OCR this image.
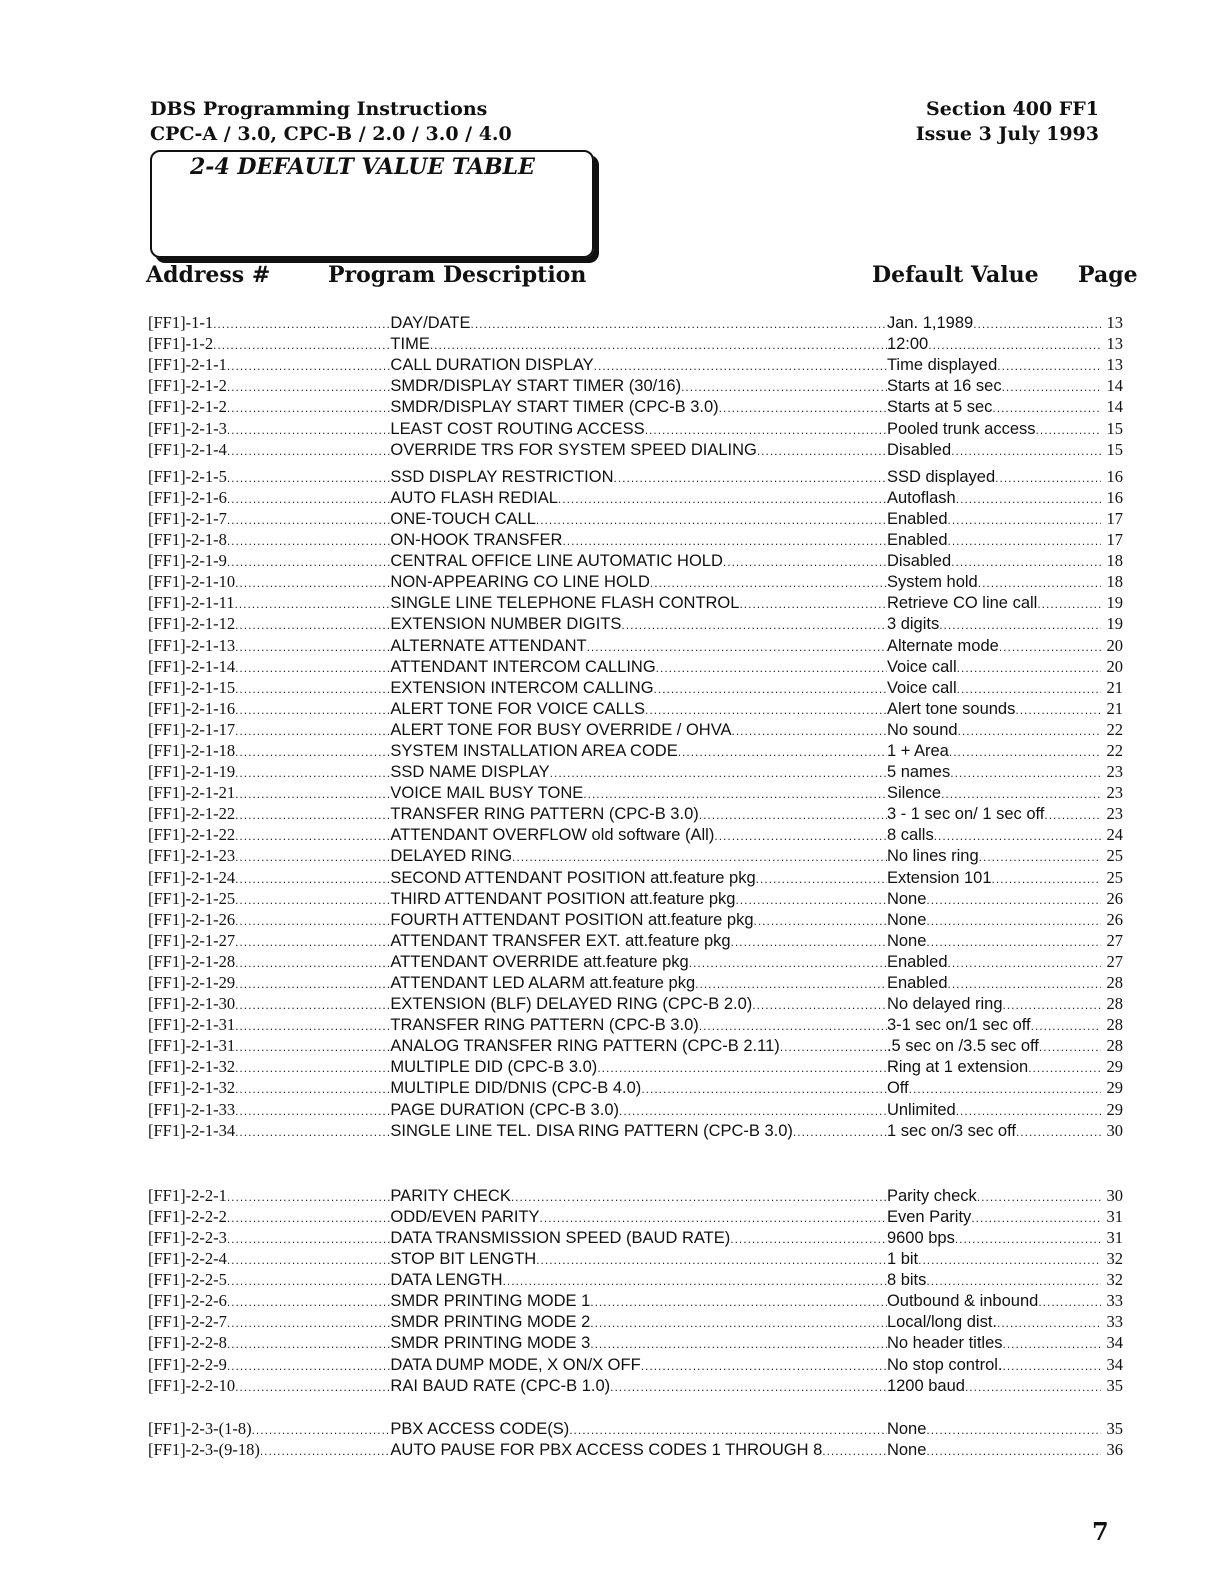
DBS Programming Instructions
CPC-A / 3.0, CPC-B / 2.0 / 3.0 / 4.0
Section 400 FF1
Issue 3 July 1993
2-4 DEFAULT VALUE TABLE
Address #	Program Description	Default Value Page
[FF1]-1-1 .....	DAY/DATE .....	Jan. 1,1989 .....	13
[FF1]-1-2 .....	TIME .....	12:00 .....	13
[FF1]-2-1-1 .....	CALL DURATION DISPLAY .....	Time displayed .....	13
[FF1]-2-1-2 .....	SMDR/DISPLAY START TIMER (30/16) .....	Starts at 16 sec .....	14
[FF1]-2-1-2 .....	SMDR/DISPLAY START TIMER (CPC-B 3.0) .....	Starts at 5 sec .....	14
[FF1]-2-1-3 .....	LEAST COST ROUTING ACCESS .....	Pooled trunk access .....	15
[FF1]-2-1-4 .....	OVERRIDE TRS FOR SYSTEM SPEED DIALING .....	Disabled .....	15
[FF1]-2-1-5 .....	SSD DISPLAY RESTRICTION .....	SSD displayed .....	16
[FF1]-2-1-6 .....	AUTO FLASH REDIAL .....	Autoflash .....	16
[FF1]-2-1-7 .....	ONE-TOUCH CALL .....	Enabled .....	17
[FF1]-2-1-8 .....	ON-HOOK TRANSFER .....	Enabled .....	17
[FF1]-2-1-9 .....	CENTRAL OFFICE LINE AUTOMATIC HOLD .....	Disabled .....	18
[FF1]-2-1-10 .....	NON-APPEARING CO LINE HOLD .....	System hold .....	18
[FF1]-2-1-11 .....	SINGLE LINE TELEPHONE FLASH CONTROL .....	Retrieve CO line call .....	19
[FF1]-2-1-12 .....	EXTENSION NUMBER DIGITS .....	3 digits .....	19
[FF1]-2-1-13 .....	ALTERNATE ATTENDANT .....	Alternate mode .....	20
[FF1]-2-1-14 .....	ATTENDANT INTERCOM CALLING .....	Voice call .....	20
[FF1]-2-1-15 .....	EXTENSION INTERCOM CALLING .....	Voice call .....	21
[FF1]-2-1-16 .....	ALERT TONE FOR VOICE CALLS .....	Alert tone sounds .....	21
[FF1]-2-1-17 .....	ALERT TONE FOR BUSY OVERRIDE / OHVA .....	No sound .....	22
[FF1]-2-1-18 .....	SYSTEM INSTALLATION AREA CODE .....	1 + Area .....	22
[FF1]-2-1-19 .....	SSD NAME DISPLAY .....	5 names .....	23
[FF1]-2-1-21 .....	VOICE MAIL BUSY TONE .....	Silence .....	23
[FF1]-2-1-22 .....	TRANSFER RING PATTERN (CPC-B 3.0) .....	3 - 1 sec on/ 1 sec off .....	23
[FF1]-2-1-22 .....	ATTENDANT OVERFLOW old software (All) .....	8 calls .....	24
[FF1]-2-1-23 .....	DELAYED RING .....	No lines ring .....	25
[FF1]-2-1-24 .....	SECOND ATTENDANT POSITION att.feature pkg .....	Extension 101 .....	25
[FF1]-2-1-25 .....	THIRD ATTENDANT POSITION att.feature pkg .....	None .....	26
[FF1]-2-1-26 .....	FOURTH ATTENDANT POSITION att.feature pkg .....	None .....	26
[FF1]-2-1-27 .....	ATTENDANT TRANSFER EXT. att.feature pkg .....	None .....	27
[FF1]-2-1-28 .....	ATTENDANT OVERRIDE att.feature pkg .....	Enabled .....	27
[FF1]-2-1-29 .....	ATTENDANT LED ALARM att.feature pkg .....	Enabled .....	28
[FF1]-2-1-30 .....	EXTENSION (BLF) DELAYED RING (CPC-B 2.0) .....	No delayed ring .....	28
[FF1]-2-1-31 .....	TRANSFER RING PATTERN (CPC-B 3.0) .....	3-1 sec on/1 sec off .....	28
[FF1]-2-1-31 .....	ANALOG TRANSFER RING PATTERN (CPC-B 2.11) .....	.5 sec on /3.5 sec off .....	28
[FF1]-2-1-32 .....	MULTIPLE DID (CPC-B 3.0) .....	Ring at 1 extension .....	29
[FF1]-2-1-32 .....	MULTIPLE DID/DNIS (CPC-B 4.0) .....	Off .....	29
[FF1]-2-1-33 .....	PAGE DURATION (CPC-B 3.0) .....	Unlimited .....	29
[FF1]-2-1-34 .....	SINGLE LINE TEL. DISA RING PATTERN (CPC-B 3.0) .....	1 sec on/3 sec off .....	30
[FF1]-2-2-1 .....	PARITY CHECK .....	Parity check .....	30
[FF1]-2-2-2 .....	ODD/EVEN PARITY .....	Even Parity .....	31
[FF1]-2-2-3 .....	DATA TRANSMISSION SPEED (BAUD RATE) .....	9600 bps .....	31
[FF1]-2-2-4 .....	STOP BIT LENGTH .....	1 bit .....	32
[FF1]-2-2-5 .....	DATA LENGTH .....	8 bits .....	32
[FF1]-2-2-6 .....	SMDR PRINTING MODE 1 .....	Outbound & inbound .....	33
[FF1]-2-2-7 .....	SMDR PRINTING MODE 2 .....	Local/long dist. .....	33
[FF1]-2-2-8 .....	SMDR PRINTING MODE 3 .....	No header titles .....	34
[FF1]-2-2-9 .....	DATA DUMP MODE, X ON/X OFF .....	No stop control. .....	34
[FF1]-2-2-10 .....	RAI BAUD RATE (CPC-B 1.0) .....	1200 baud .....	35
[FF1]-2-3-(1-8) .....	PBX ACCESS CODE(S) .....	None .....	35
[FF1]-2-3-(9-18) .....	AUTO PAUSE FOR PBX ACCESS CODES 1 THROUGH 8 .....	None .....	36
7
